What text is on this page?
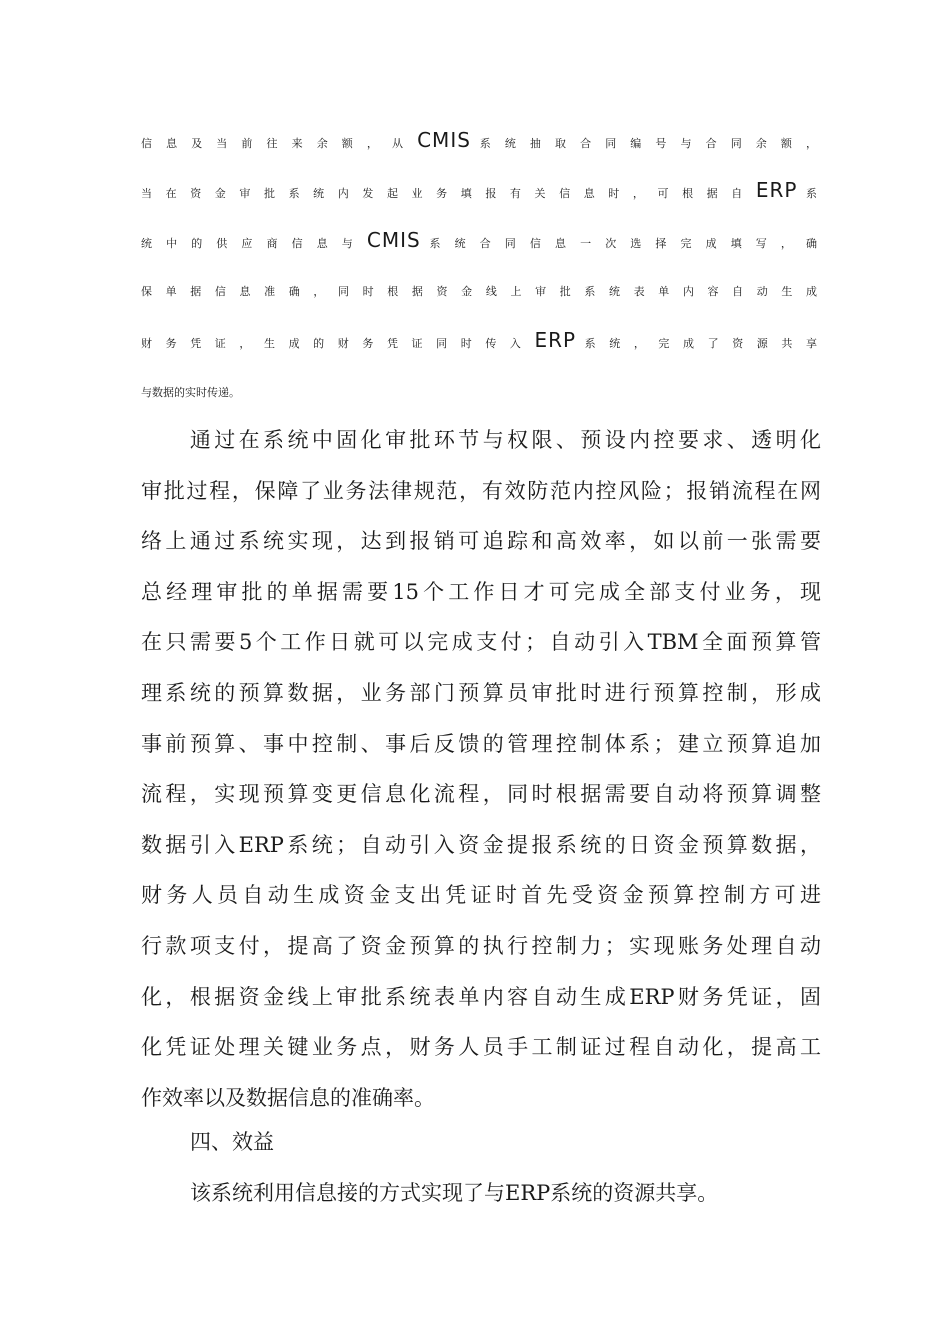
信 息 及 当 前 往 来 余 额 ， 从 CMIS 系 统 抽 取 合 同 编 号 与 合 同 余 额 ，
当 在 资 金 审 批 系 统 内 发 起 业 务 填 报 有 关 信 息 时 ， 可 根 据 自 ERP 系
统 中 的 供 应 商 信 息 与 CMIS 系 统 合 同 信 息 一 次 选 择 完 成 填 写 ， 确
保 单 据 信 息 准 确 ， 同 时 根 据 资 金 线 上 审 批 系 统 表 单 内 容 自 动 生 成
财 务 凭 证 ， 生 成 的 财 务 凭 证 同 时 传 入 ERP 系 统 ， 完 成 了 资 源 共 享
与数据的实时传递。
　　通过在系统中固化审批环节与权限、预设内控要求、透明化
审批过程，保障了业务法律规范，有效防范内控风险；报销流程在网
络上通过系统实现，达到报销可追踪和高效率，如以前一张需要
总经理审批的单据需要15个工作日才可完成全部支付业务，现
在只需要5个工作日就可以完成支付；自动引入TBM全面预算管
理系统的预算数据，业务部门预算员审批时进行预算控制，形成
事前预算、事中控制、事后反馈的管理控制体系；建立预算追加
流程，实现预算变更信息化流程，同时根据需要自动将预算调整
数据引入ERP系统；自动引入资金提报系统的日资金预算数据，
财务人员自动生成资金支出凭证时首先受资金预算控制方可进
行款项支付，提高了资金预算的执行控制力；实现账务处理自动
化，根据资金线上审批系统表单内容自动生成ERP财务凭证，固
化凭证处理关键业务点，财务人员手工制证过程自动化，提高工
作效率以及数据信息的准确率。

四、效益

该系统利用信息接的方式实现了与ERP系统的资源共享。
